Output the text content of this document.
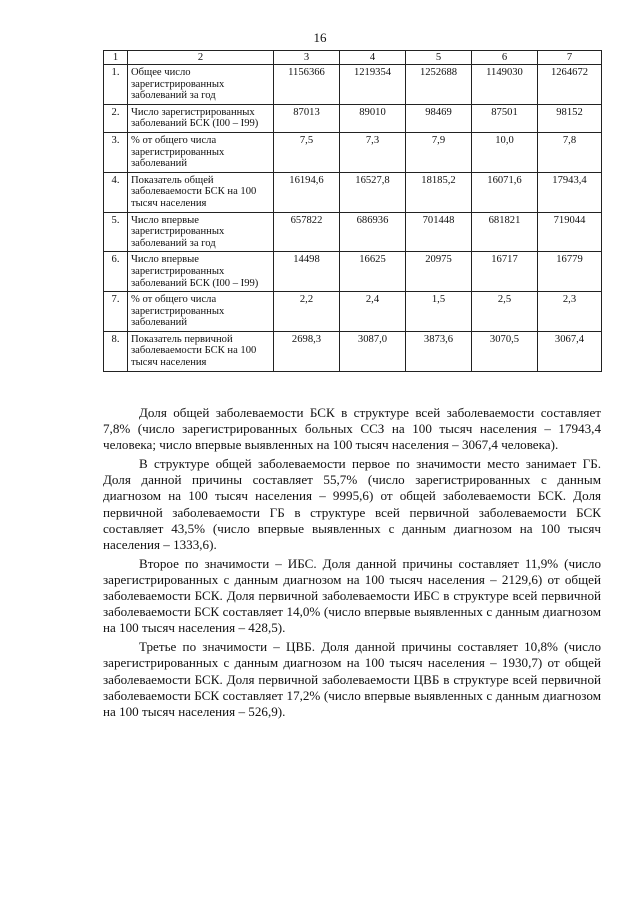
16
1	2	3	4	5	6	7
1.	Общее число зарегистрированных заболеваний за год	1156366	1219354	1252688	1149030	1264672
2.	Число зарегистрированных заболеваний БСК (I00 – I99)	87013	89010	98469	87501	98152
3.	% от общего числа зарегистрированных заболеваний	7,5	7,3	7,9	10,0	7,8
4.	Показатель общей заболеваемости БСК на 100 тысяч населения	16194,6	16527,8	18185,2	16071,6	17943,4
5.	Число впервые зарегистрированных заболеваний за год	657822	686936	701448	681821	719044
6.	Число впервые зарегистрированных заболеваний БСК (I00 – I99)	14498	16625	20975	16717	16779
7.	% от общего числа зарегистрированных заболеваний	2,2	2,4	1,5	2,5	2,3
8.	Показатель первичной заболеваемости БСК на 100 тысяч населения	2698,3	3087,0	3873,6	3070,5	3067,4

Доля общей заболеваемости БСК в структуре всей заболеваемости составляет 7,8% (число зарегистрированных больных ССЗ на 100 тысяч населения – 17943,4 человека; число впервые выявленных на 100 тысяч населения – 3067,4 человека).

В структуре общей заболеваемости первое по значимости место занимает ГБ. Доля данной причины составляет 55,7% (число зарегистрированных с данным диагнозом на 100 тысяч населения – 9995,6) от общей заболеваемости БСК. Доля первичной заболеваемости ГБ в структуре всей первичной заболеваемости БСК составляет 43,5% (число впервые выявленных с данным диагнозом на 100 тысяч населения – 1333,6).

Второе по значимости – ИБС. Доля данной причины составляет 11,9% (число зарегистрированных с данным диагнозом на 100 тысяч населения – 2129,6) от общей заболеваемости БСК. Доля первичной заболеваемости ИБС в структуре всей первичной заболеваемости БСК составляет 14,0% (число впервые выявленных с данным диагнозом на 100 тысяч населения – 428,5).

Третье по значимости – ЦВБ. Доля данной причины составляет 10,8% (число зарегистрированных с данным диагнозом на 100 тысяч населения – 1930,7) от общей заболеваемости БСК. Доля первичной заболеваемости ЦВБ в структуре всей первичной заболеваемости БСК составляет 17,2% (число впервые выявленных с данным диагнозом на 100 тысяч населения – 526,9).
